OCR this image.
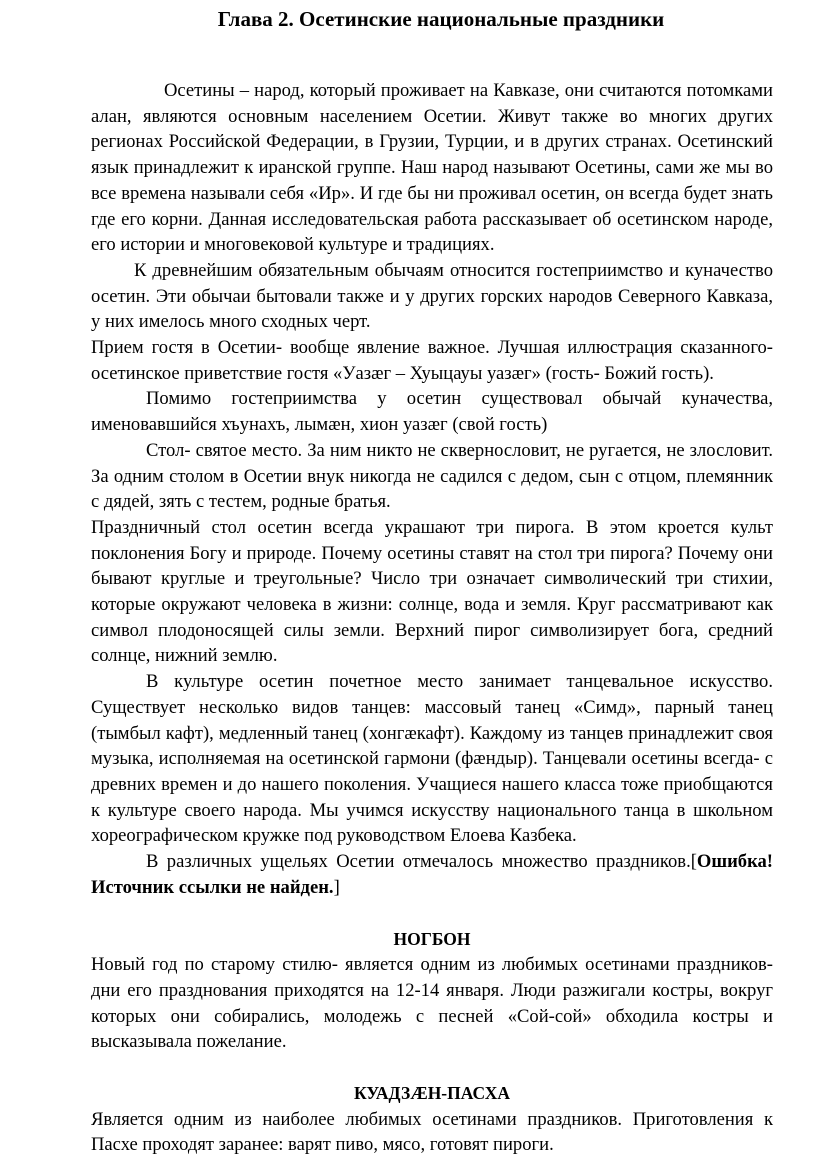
Глава 2. Осетинские национальные праздники

Осетины – народ, который проживает на Кавказе, они считаются потомками алан, являются основным населением Осетии. Живут также во многих других регионах Российской Федерации, в Грузии, Турции, и в других странах. Осетинский язык принадлежит к иранской группе. Наш народ называют Осетины, сами же мы во все времена называли себя «Ир». И где бы ни проживал осетин, он всегда будет знать где его корни. Данная исследовательская работа рассказывает об осетинском народе, его истории и многовековой культуре и традициях.

К древнейшим обязательным обычаям относится гостеприимство и куначество осетин. Эти обычаи бытовали также и у других горских народов Северного Кавказа, у них имелось много сходных черт.

Прием гостя в Осетии- вообще явление важное. Лучшая иллюстрация сказанного- осетинское приветствие гостя «Уазæг – Хуыцауы уазæг» (гость- Божий гость).

Помимо гостеприимства у осетин существовал обычай куначества, именовавшийся хъунахъ, лымæн, хион уазæг (свой гость)

Стол- святое место. За ним никто не сквернословит, не ругается, не злословит. За одним столом в Осетии внук никогда не садился с дедом, сын с отцом, племянник с дядей, зять с тестем, родные братья.

Праздничный стол осетин всегда украшают три пирога. В этом кроется культ поклонения Богу и природе. Почему осетины ставят на стол три пирога? Почему они бывают круглые и треугольные? Число три означает символический три стихии, которые окружают человека в жизни: солнце, вода и земля. Круг рассматривают как символ плодоносящей силы земли. Верхний пирог символизирует бога, средний солнце, нижний землю.

В культуре осетин почетное место занимает танцевальное искусство. Существует несколько видов танцев: массовый танец «Симд», парный танец (тымбыл кафт), медленный танец (хонгæкафт). Каждому из танцев принадлежит своя музыка, исполняемая на осетинской гармони (фæндыр). Танцевали осетины всегда- с древних времен и до нашего поколения. Учащиеся нашего класса тоже приобщаются к культуре своего народа. Мы учимся искусству национального танца в школьном хореографическом кружке под руководством Елоева Казбека.

В различных ущельях Осетии отмечалось множество праздников.[Ошибка! Источник ссылки не найден.]

НОГБОН

Новый год по старому стилю- является одним из любимых осетинами праздников- дни его празднования приходятся на 12-14 января. Люди разжигали костры, вокруг которых они собирались, молодежь с песней «Сой-сой» обходила костры и высказывала пожелание.

КУАДЗÆН-ПАСХА

Является одним из наиболее любимых осетинами праздников. Приготовления к Пасхе проходят заранее: варят пиво, мясо, готовят пироги.
